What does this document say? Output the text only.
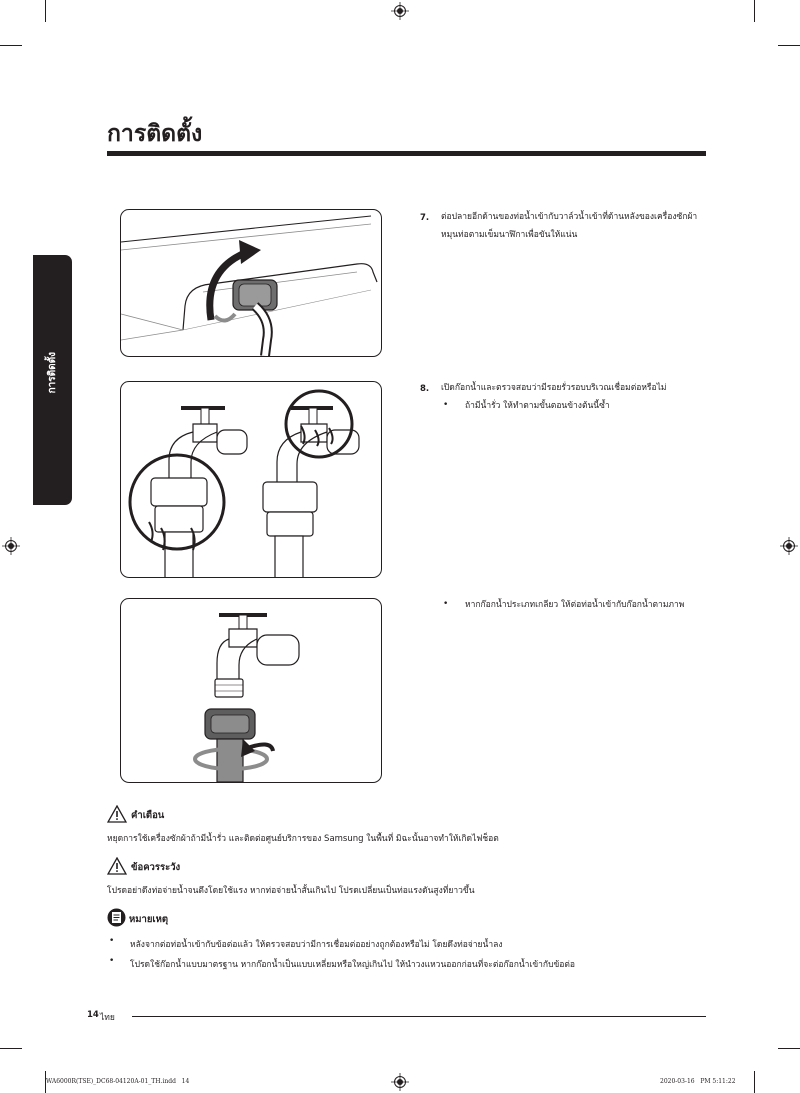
การติดตั้ง
การติดตั้ง
7. ต่อปลายอีกด้านของท่อน้ำเข้ากับวาล์วน้ำเข้าที่ด้านหลังของเครื่องซักผ้า
หมุนท่อตามเข็มนาฬิกาเพื่อขันให้แน่น
8. เปิดก๊อกน้ำและตรวจสอบว่ามีรอยรั่วรอบบริเวณเชื่อมต่อหรือไม่
• ถ้ามีน้ำรั่ว ให้ทำตามขั้นตอนข้างต้นนี้ซ้ำ
• หากก๊อกน้ำประเภทเกลียว ให้ต่อท่อน้ำเข้ากับก๊อกน้ำตามภาพ
คำเตือน
หยุดการใช้เครื่องซักผ้าถ้ามีน้ำรั่ว และติดต่อศูนย์บริการของ Samsung ในพื้นที่ มิฉะนั้นอาจทำให้เกิดไฟช็อต
ข้อควรระวัง
โปรดอย่าดึงท่อจ่ายน้ำจนตึงโดยใช้แรง หากท่อจ่ายน้ำสั้นเกินไป โปรดเปลี่ยนเป็นท่อแรงดันสูงที่ยาวขึ้น
หมายเหตุ
• หลังจากต่อท่อน้ำเข้ากับข้อต่อแล้ว ให้ตรวจสอบว่ามีการเชื่อมต่ออย่างถูกต้องหรือไม่ โดยดึงท่อจ่ายน้ำลง
• โปรดใช้ก๊อกน้ำแบบมาตรฐาน หากก๊อกน้ำเป็นแบบเหลี่ยมหรือใหญ่เกินไป ให้นำวงแหวนออกก่อนที่จะต่อก๊อกน้ำเข้ากับข้อต่อ
14 ไทย
WA6000R(TSE)_DC68-04120A-01_TH.indd   14	2020-03-16   PM 5:11:22
